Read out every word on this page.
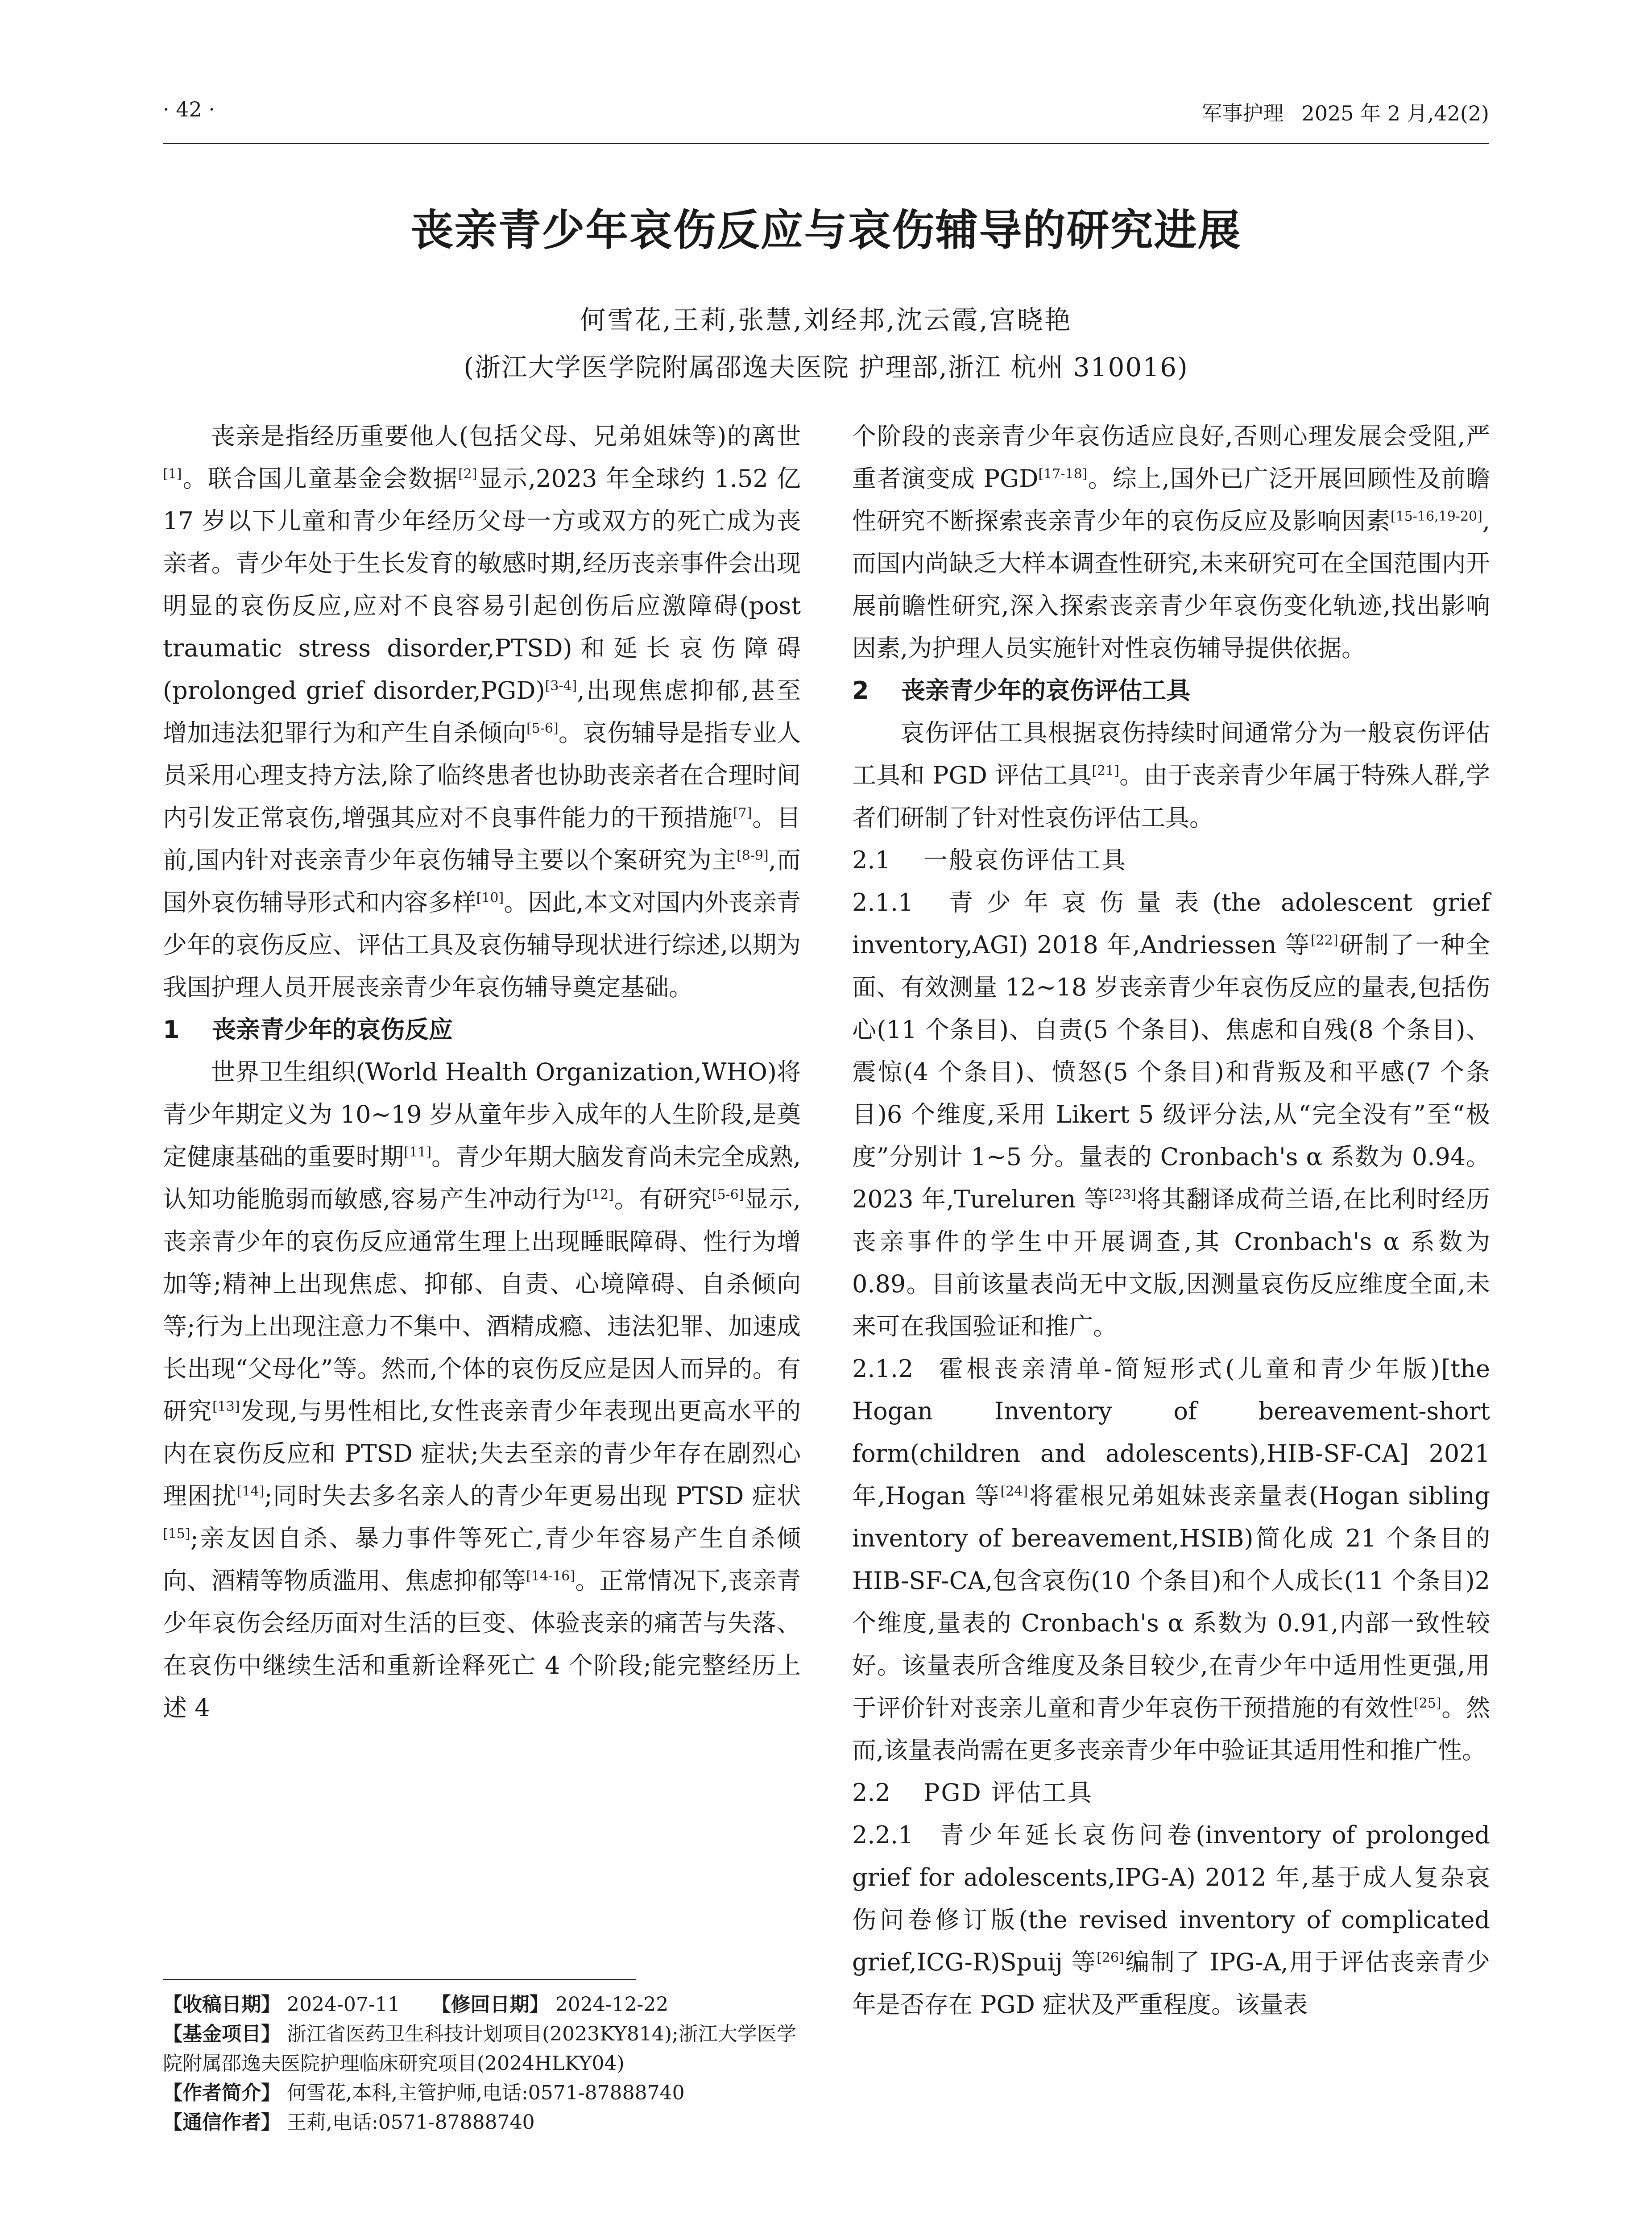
· 42 ·	军事护理 2025 年 2 月,42(2)
丧亲青少年哀伤反应与哀伤辅导的研究进展
何雪花,王莉,张慧,刘经邦,沈云霞,宫晓艳
(浙江大学医学院附属邵逸夫医院 护理部,浙江 杭州 310016)

丧亲是指经历重要他人(包括父母、兄弟姐妹等)的离世[1]。联合国儿童基金会数据[2]显示,2023 年全球约 1.52 亿 17 岁以下儿童和青少年经历父母一方或双方的死亡成为丧亲者。青少年处于生长发育的敏感时期,经历丧亲事件会出现明显的哀伤反应,应对不良容易引起创伤后应激障碍(post traumatic stress disorder,PTSD)和延长哀伤障碍(prolonged grief disorder,PGD)[3-4],出现焦虑抑郁,甚至增加违法犯罪行为和产生自杀倾向[5-6]。哀伤辅导是指专业人员采用心理支持方法,除了临终患者也协助丧亲者在合理时间内引发正常哀伤,增强其应对不良事件能力的干预措施[7]。目前,国内针对丧亲青少年哀伤辅导主要以个案研究为主[8-9],而国外哀伤辅导形式和内容多样[10]。因此,本文对国内外丧亲青少年的哀伤反应、评估工具及哀伤辅导现状进行综述,以期为我国护理人员开展丧亲青少年哀伤辅导奠定基础。

1 丧亲青少年的哀伤反应

世界卫生组织(World Health Organization,WHO)将青少年期定义为 10~19 岁从童年步入成年的人生阶段,是奠定健康基础的重要时期[11]。青少年期大脑发育尚未完全成熟,认知功能脆弱而敏感,容易产生冲动行为[12]。有研究[5-6]显示,丧亲青少年的哀伤反应通常生理上出现睡眠障碍、性行为增加等;精神上出现焦虑、抑郁、自责、心境障碍、自杀倾向等;行为上出现注意力不集中、酒精成瘾、违法犯罪、加速成长出现“父母化”等。然而,个体的哀伤反应是因人而异的。有研究[13]发现,与男性相比,女性丧亲青少年表现出更高水平的内在哀伤反应和 PTSD 症状;失去至亲的青少年存在剧烈心理困扰[14];同时失去多名亲人的青少年更易出现 PTSD 症状[15];亲友因自杀、暴力事件等死亡,青少年容易产生自杀倾向、酒精等物质滥用、焦虑抑郁等[14-16]。正常情况下,丧亲青少年哀伤会经历面对生活的巨变、体验丧亲的痛苦与失落、在哀伤中继续生活和重新诠释死亡 4 个阶段;能完整经历上述 4

个阶段的丧亲青少年哀伤适应良好,否则心理发展会受阻,严重者演变成 PGD[17-18]。综上,国外已广泛开展回顾性及前瞻性研究不断探索丧亲青少年的哀伤反应及影响因素[15-16,19-20],而国内尚缺乏大样本调查性研究,未来研究可在全国范围内开展前瞻性研究,深入探索丧亲青少年哀伤变化轨迹,找出影响因素,为护理人员实施针对性哀伤辅导提供依据。

2 丧亲青少年的哀伤评估工具

哀伤评估工具根据哀伤持续时间通常分为一般哀伤评估工具和 PGD 评估工具[21]。由于丧亲青少年属于特殊人群,学者们研制了针对性哀伤评估工具。

2.1 一般哀伤评估工具

2.1.1 青少年哀伤量表(the adolescent grief inventory,AGI) 2018 年,Andriessen 等[22]研制了一种全面、有效测量 12~18 岁丧亲青少年哀伤反应的量表,包括伤心(11 个条目)、自责(5 个条目)、焦虑和自残(8 个条目)、震惊(4 个条目)、愤怒(5 个条目)和背叛及和平感(7 个条目)6 个维度,采用 Likert 5 级评分法,从“完全没有”至“极度”分别计 1~5 分。量表的 Cronbach's α 系数为 0.94。2023 年,Tureluren 等[23]将其翻译成荷兰语,在比利时经历丧亲事件的学生中开展调查,其 Cronbach's α 系数为 0.89。目前该量表尚无中文版,因测量哀伤反应维度全面,未来可在我国验证和推广。

2.1.2 霍根丧亲清单-简短形式(儿童和青少年版)[the Hogan Inventory of bereavement-short form(children and adolescents),HIB-SF-CA] 2021 年,Hogan 等[24]将霍根兄弟姐妹丧亲量表(Hogan sibling inventory of bereavement,HSIB)简化成 21 个条目的 HIB-SF-CA,包含哀伤(10 个条目)和个人成长(11 个条目)2 个维度,量表的 Cronbach's α 系数为 0.91,内部一致性较好。该量表所含维度及条目较少,在青少年中适用性更强,用于评价针对丧亲儿童和青少年哀伤干预措施的有效性[25]。然而,该量表尚需在更多丧亲青少年中验证其适用性和推广性。

2.2 PGD 评估工具

2.2.1 青少年延长哀伤问卷(inventory of prolonged grief for adolescents,IPG-A) 2012 年,基于成人复杂哀伤问卷修订版(the revised inventory of complicated grief,ICG-R)Spuij 等[26]编制了 IPG-A,用于评估丧亲青少年是否存在 PGD 症状及严重程度。该量表

【收稿日期】 2024-07-11 【修回日期】 2024-12-22

【基金项目】 浙江省医药卫生科技计划项目(2023KY814);浙江大学医学院附属邵逸夫医院护理临床研究项目(2024HLKY04)

【作者简介】 何雪花,本科,主管护师,电话:0571-87888740

【通信作者】 王莉,电话:0571-87888740
